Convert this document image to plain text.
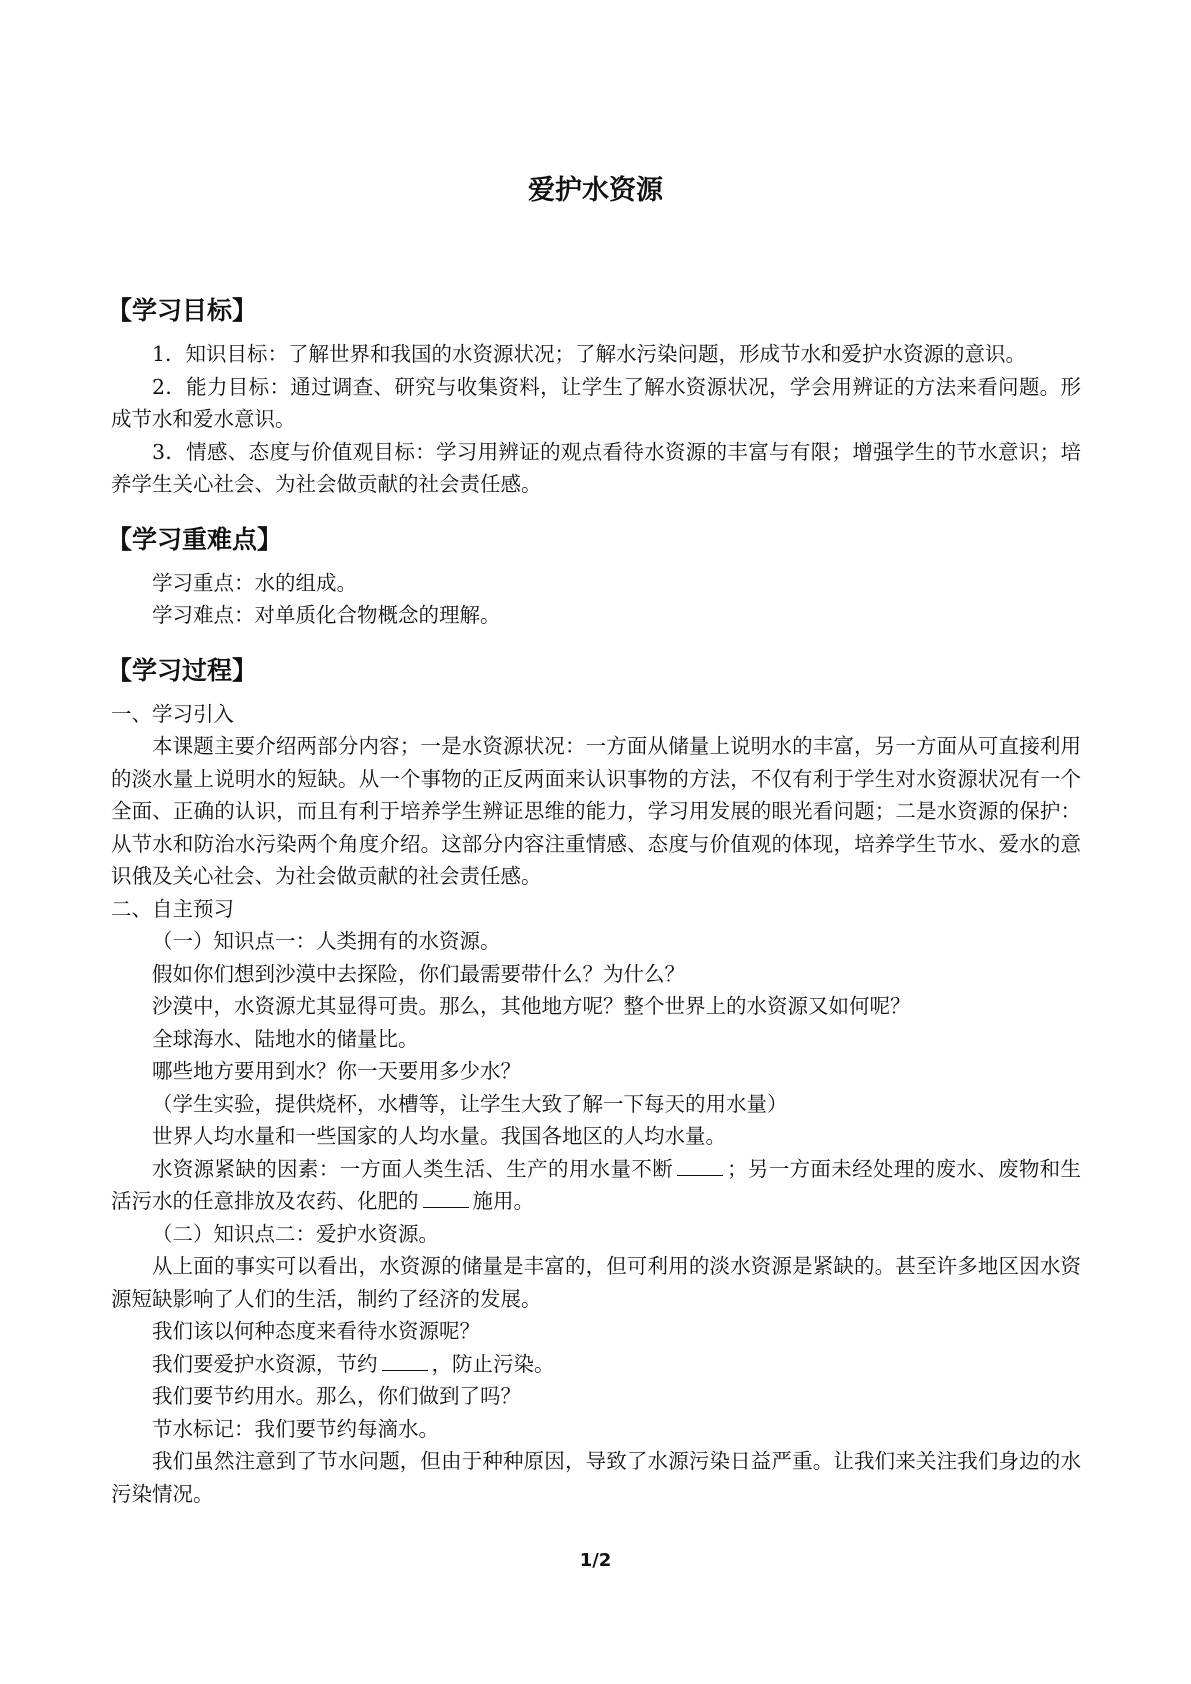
爱护水资源
【学习目标】

1．知识目标：了解世界和我国的水资源状况；了解水污染问题，形成节水和爱护水资源的意识。

2．能力目标：通过调查、研究与收集资料，让学生了解水资源状况，学会用辨证的方法来看问题。形成节水和爱水意识。

3．情感、态度与价值观目标：学习用辨证的观点看待水资源的丰富与有限；增强学生的节水意识；培养学生关心社会、为社会做贡献的社会责任感。

【学习重难点】

学习重点：水的组成。

学习难点：对单质化合物概念的理解。

【学习过程】

一、学习引入

本课题主要介绍两部分内容；一是水资源状况：一方面从储量上说明水的丰富，另一方面从可直接利用的淡水量上说明水的短缺。从一个事物的正反两面来认识事物的方法，不仅有利于学生对水资源状况有一个全面、正确的认识，而且有利于培养学生辨证思维的能力，学习用发展的眼光看问题；二是水资源的保护：从节水和防治水污染两个角度介绍。这部分内容注重情感、态度与价值观的体现，培养学生节水、爱水的意识俄及关心社会、为社会做贡献的社会责任感。

二、自主预习

（一）知识点一：人类拥有的水资源。

假如你们想到沙漠中去探险，你们最需要带什么？为什么？

沙漠中，水资源尤其显得可贵。那么，其他地方呢？整个世界上的水资源又如何呢？

全球海水、陆地水的储量比。

哪些地方要用到水？你一天要用多少水？

（学生实验，提供烧杯，水槽等，让学生大致了解一下每天的用水量）

世界人均水量和一些国家的人均水量。我国各地区的人均水量。

水资源紧缺的因素：一方面人类生活、生产的用水量不断	；另一方面未经处理的废水、废物和生活污水的任意排放及农药、化肥的	施用。

（二）知识点二：爱护水资源。

从上面的事实可以看出，水资源的储量是丰富的，但可利用的淡水资源是紧缺的。甚至许多地区因水资源短缺影响了人们的生活，制约了经济的发展。

我们该以何种态度来看待水资源呢？

我们要爱护水资源，节约	，防止污染。

我们要节约用水。那么，你们做到了吗？

节水标记：我们要节约每滴水。

我们虽然注意到了节水问题，但由于种种原因，导致了水源污染日益严重。让我们来关注我们身边的水污染情况。

1/2
